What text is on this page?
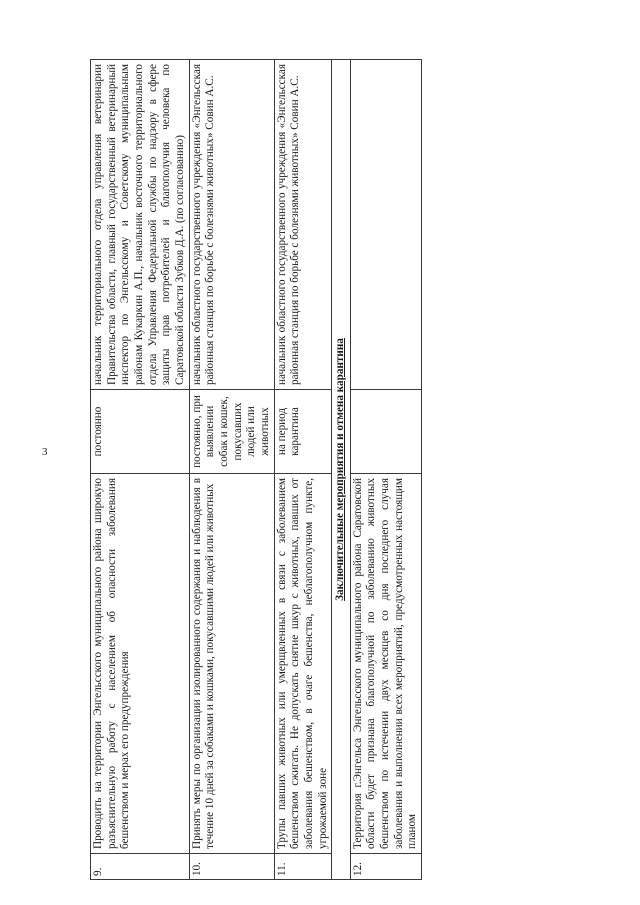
3
9.	Проводить на территории Энгельсского муниципального района широкую разъяснительную работу с населением об опасности заболевания бешенством и мерах его предупреждения	постоянно	начальник территориального отдела управления ветеринарии Правительства области, главный государственный ветеринарный инспектор по Энгельсскому и Советскому муниципальным районам Кукаркин А.П., начальник восточного территориального отдела Управления Федеральной службы по надзору в сфере защиты прав потребителей и благополучия человека по Саратовской области Зубков Д.А. (по согласованию)
10.	Принять меры по организации изолированного содержания и наблюдения в течение 10 дней за собаками и кошками, покусавшими людей или животных	постоянно, при выявлении собак и кошек, покусавших людей или животных	начальник областного государственного учреждения «Энгельсская районная станция по борьбе с болезнями животных» Совин А.С.
11.	Трупы павших животных или умерщвленных в связи с заболеванием бешенством сжигать. Не допускать снятие шкур с животных, павших от заболевания бешенством, в очаге бешенства, неблагополучном пункте, угрожаемой зоне	на период карантина	начальник областного государственного учреждения «Энгельсская районная станция по борьбе с болезнями животных» Совин А.С.
Заключительные мероприятия и отмена карантина			
12.	Территория г.Энгельса Энгельсского муниципального района Саратовской области будет признана благополучной по заболеванию животных бешенством по истечении двух месяцев со дня последнего случая заболевания и выполнении всех мероприятий, предусмотренных настоящим планом		
